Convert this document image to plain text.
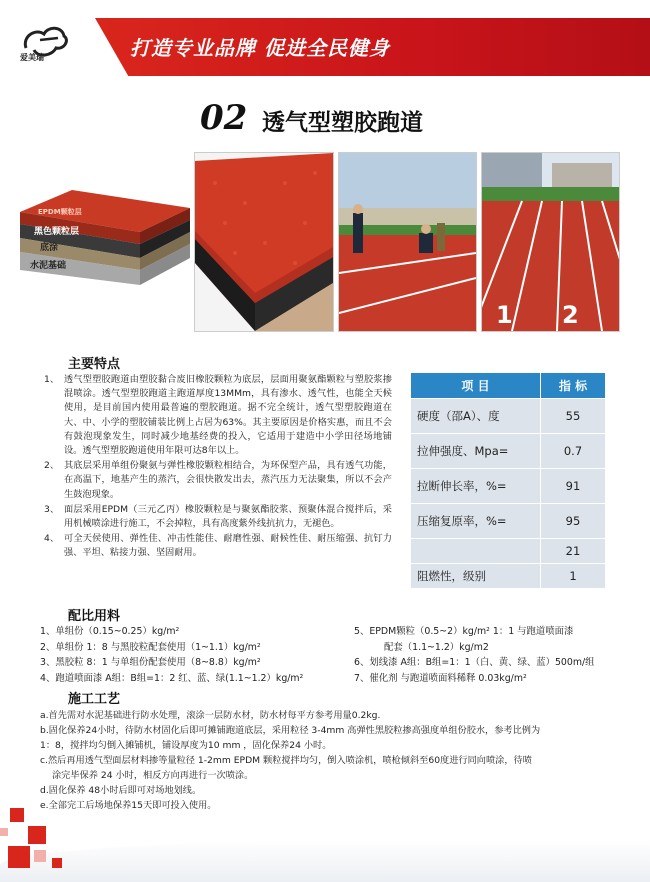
爱美瑞	打造专业品牌 促进全民健身
02 透气型塑胶跑道
EPDM颗粒层
黑色颗粒层
底涂
水泥基础
1 2
主要特点
1、 透气型塑胶跑道由塑胶黏合废旧橡胶颗粒为底层，层面用聚氨酯颗粒与塑胶浆掺混喷涂。透气型塑胶跑道主跑道厚度13MMm，具有渗水、透气性，也能全天候使用，是目前国内使用最普遍的塑胶跑道。据不完全统计，透气型塑胶跑道在大、中、小学的塑胶铺装比例上占居为63%。其主要原因是价格实惠，而且不会有鼓泡现象发生，同时减少地基经费的投入，它适用于建造中小学田径场地铺设。透气型塑胶跑道使用年限可达8年以上。
2、 其底层采用单组份聚氨与弹性橡胶颗粒相结合，为环保型产品，具有透气功能，在高温下，地基产生的蒸汽，会很快散发出去，蒸汽压力无法聚集，所以不会产生鼓泡现象。
3、 面层采用EPDM（三元乙丙）橡胶颗粒是与聚氨酯胶浆、预聚体混合搅拌后，采用机械喷涂进行施工，不会掉粒，具有高度紫外线抗抗力，无褪色。
4、 可全天侯使用、弹性佳、冲击性能佳、耐磨性强、耐候性佳、耐压缩强、抗钉力强、平坦、粘接力强、坚固耐用。
项 目	指 标
硬度（邵A）、度	55
拉伸强度、Mpa=	0.7
拉断伸长率，%=	91
压缩复原率，%=	95
	21
阻燃性，级别	1
配比用料
1、单组份（0.15~0.25）kg/m²
2、单组份 1：8 与黑胶粒配套使用（1~1.1）kg/m²
3、黑胶粒 8：1 与单组份配套使用（8~8.8）kg/m²
4、跑道喷面漆 A组：B组=1：2 红、蓝、绿(1.1~1.2）kg/m²
5、EPDM颗粒（0.5~2）kg/m² 1：1 与跑道喷面漆
配套（1.1~1.2）kg/m2
6、划线漆 A组：B组=1：1（白、黄、绿、蓝）500m/组
7、催化剂 与跑道喷面料稀释 0.03kg/m²
施工工艺

a.首先需对水泥基础进行防水处理，滚涂一层防水材，防水材每平方参考用量0.2kg.

b.固化保养24小时，待防水材固化后即可摊铺跑道底层，采用粒径 3-4mm 高弹性黑胶粒掺高强度单组份胶水，参考比例为

1：8，搅拌均匀倒入摊铺机，铺设厚度为10 mm ，固化保养24 小时。

c.然后再用透气型面层材料掺等量粒径 1-2mm EPDM 颗粒搅拌均匀，倒入喷涂机，喷枪倾斜至60度进行同向喷涂，待喷

涂完毕保养 24 小时，相反方向再进行一次喷涂。

d.固化保养 48小时后即可对场地划线。

e.全部完工后场地保养15天即可投入使用。
